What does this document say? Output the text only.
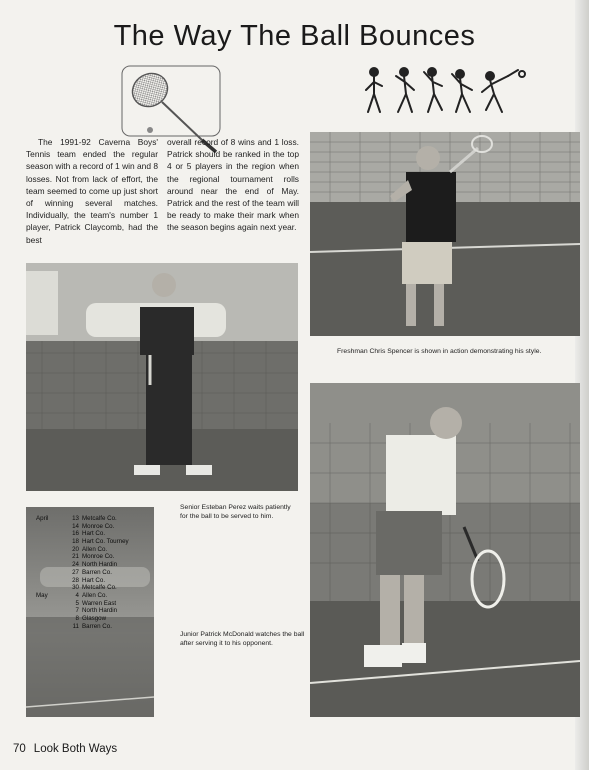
The Way The Ball Bounces

The 1991-92 Caverna Boys' Tennis team ended the regular season with a record of 1 win and 8 losses. Not from lack of effort, the team seemed to come up just short of winning several matches. Individually, the team's number 1 player, Patrick Claycomb, had the best

overall record of 8 wins and 1 loss. Patrick should be ranked in the top 4 or 5 players in the region when the regional tournament rolls around near the end of May. Patrick and the rest of the team will be ready to make their mark when the season begins again next year.

Freshman Chris Spencer is shown in action demonstrating his style.

Senior Esteban Perez waits patiently for the ball to be served to him.

Junior Patrick McDonald watches the ball after serving it to his opponent.

April	13 Metcalfe Co.
14 Monroe Co.
16 Hart Co.
18 Hart Co. Tourney
20 Allen Co.
21 Monroe Co.
24 North Hardin
27 Barren Co.
28 Hart Co.
30 Metcalfe Co.
May	4 Allen Co.
5 Warren East
7 North Hardin
8 Glasgow
11 Barren Co.
70 Look Both Ways
